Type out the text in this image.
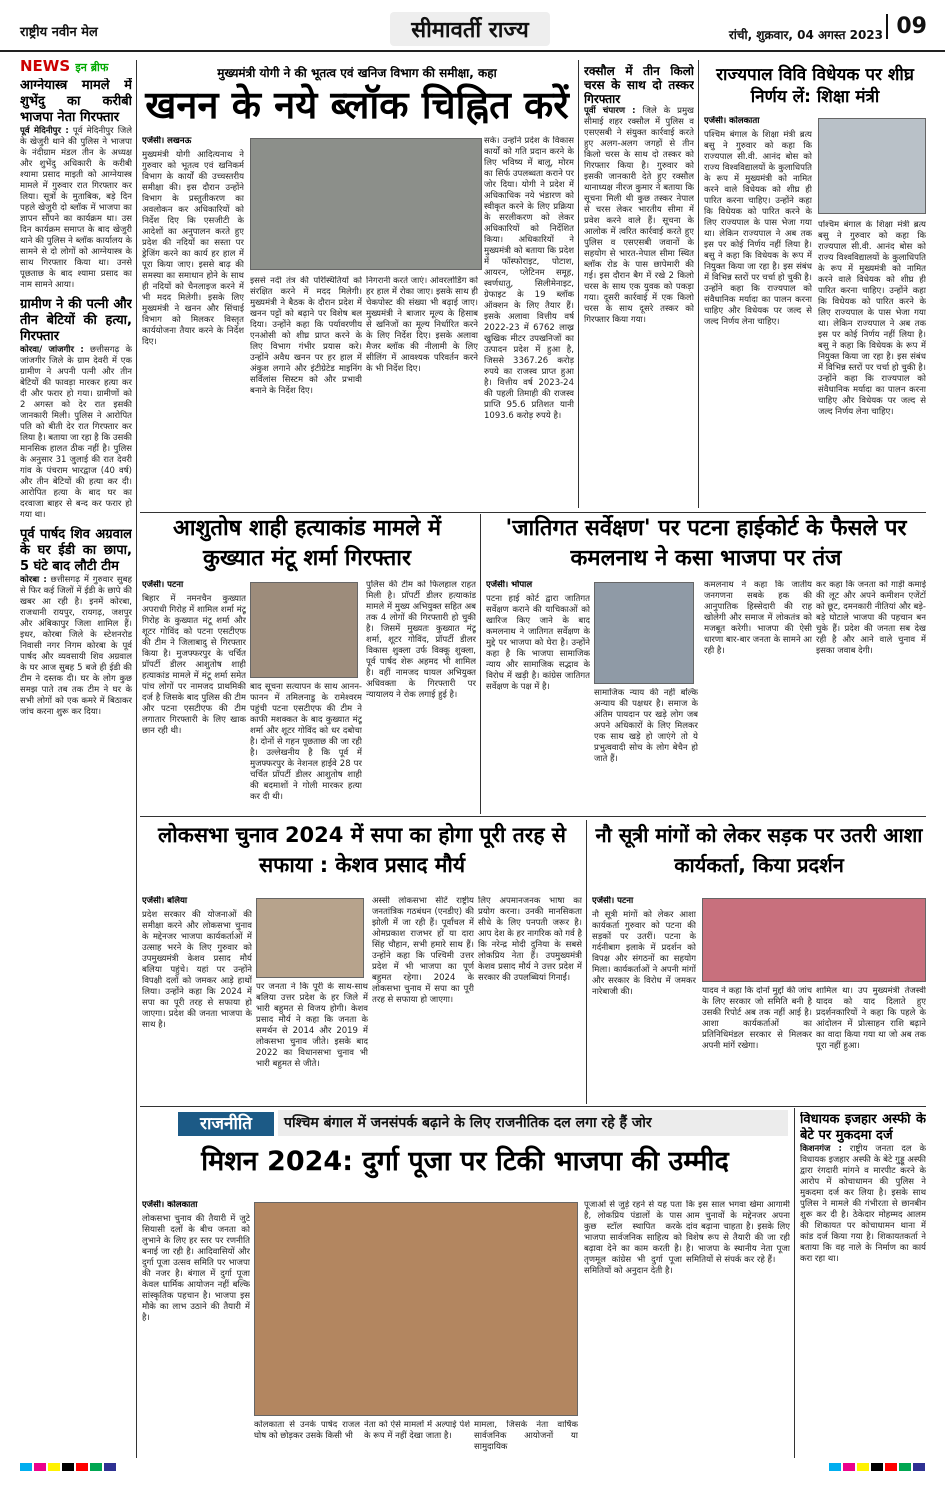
राष्ट्रीय नवीन मेल	सीमावर्ती राज्य	रांची, शुक्रवार, 04 अगस्त 2023 09
NEWS इन ब्रीफ
आग्नेयास्त्र मामले में शुभेंदु का करीबी भाजपा नेता गिरफ्तार

पूर्व मेदिनीपुर : पूर्व मेदिनीपुर जिले के खेजुरी थाने की पुलिस ने भाजपा के नंदीग्राम मंडल तीन के अध्यक्ष और शुभेंदु अधिकारी के करीबी श्यामा प्रसाद माइती को आग्नेयास्त्र मामले में गुरुवार रात गिरफ्तार कर लिया। सूत्रों के मुताबिक, बड़े दिन पहले खेजुरी दो ब्लॉक में भाजपा का ज्ञापन सौंपने का कार्यक्रम था। उस दिन कार्यक्रम समाप्त के बाद खेजुरी थाने की पुलिस ने ब्लॉक कार्यालय के सामने से दो लोगों को आग्नेयास्त्र के साथ गिरफ्तार किया था। उनसे पूछताछ के बाद श्यामा प्रसाद का नाम सामने आया।

ग्रामीण ने की पत्नी और तीन बेटियों की हत्या, गिरफ्तार

कोरवा/ जांजगीर : छत्तीसगढ़ के जांजगीर जिले के ग्राम देवरी में एक ग्रामीण ने अपनी पत्नी और तीन बेटियों की फावड़ा मारकर हत्या कर दी और फरार हो गया। ग्रामीणों को 2 अगस्त को देर रात इसकी जानकारी मिली। पुलिस ने आरोपित पति को बीती देर रात गिरफ्तार कर लिया है। बताया जा रहा है कि उसकी मानसिक हालत ठीक नहीं है। पुलिस के अनुसार 31 जुलाई की रात देवरी गांव के पंचराम भारद्वाज (40 वर्ष) और तीन बेटियों की हत्या कर दी। आरोपित हत्या के बाद घर का दरवाजा बाहर से बन्द कर फरार हो गया था।

पूर्व पार्षद शिव अग्रवाल के घर ईडी का छापा, 5 घंटे बाद लौटी टीम

कोरबा : छत्तीसगढ़ में गुरुवार सुबह से फिर कई जिलों में ईडी के छापे की खबर आ रही है। इनमें कोरबा, राजधानी रायपुर, रायगढ़, जशपुर और अंबिकापुर जिला शामिल हैं। इधर, कोरबा जिले के स्टेशनरोड निवासी नगर निगम कोरबा के पूर्व पार्षद और व्यवसायी शिव अग्रवाल के घर आज सुबह 5 बजे ही ईडी की टीम ने दस्तक दी। घर के लोग कुछ समझ पाते तब तक टीम ने घर के सभी लोगों को एक कमरे में बिठाकर जांच करना शुरू कर दिया।

मुख्यमंत्री योगी ने की भूतत्व एवं खनिज विभाग की समीक्षा, कहा
खनन के नये ब्लॉक चिह्नित करें

एजेंसी। लखनऊ

मुख्यमंत्री योगी आदित्यनाथ ने गुरुवार को भूतत्व एवं खनिकर्म विभाग के कार्यों की उच्चस्तरीय समीक्षा की। इस दौरान उन्होंने विभाग के प्रस्तुतीकरण का अवलोकन कर अधिकारियों को निर्देश दिए कि एसजीटी के आदेशों का अनुपालन करते हुए प्रदेश की नदियों का सस्ता पर ड्रेजिंग करने का कार्य हर हाल में पूरा किया जाए। इससे बाढ़ की समस्या का समाधान होने के साथ ही नदियों को चैनलाइज करने में भी मदद मिलेगी। इसके लिए मुख्यमंत्री ने खनन और सिंचाई विभाग को मिलकर विस्तृत कार्ययोजना तैयार करने के निर्देश दिए।

इससे नदी तंत्र की परिस्थितियों को संरक्षित करने में मदद मिलेगी। मुख्यमंत्री ने बैठक के दौरान प्रदेश में खनन पट्टों को बढ़ाने पर विशेष बल दिया। उन्होंने कहा कि पर्यावरणीय एनओसी को शीघ्र प्राप्त करने के लिए विभाग गंभीर प्रयास करे। उन्होंने अवैध खनन पर हर हाल में अंकुश लगाने और इंटीग्रेटेड माइनिंग सर्विलांस सिस्टम को और प्रभावी बनाने के निर्देश दिए।

निगरानी करते जाएं। ओवरलोडिंग को हर हाल में रोका जाए। इसके साथ ही चेकपोस्ट की संख्या भी बढ़ाई जाए। मुख्यमंत्री ने बाजार मूल्य के हिसाब से खनिजों का मूल्य निर्धारित करने के लिए निर्देश दिए। इसके अलावा मैजर ब्लॉक की नीलामी के लिए सीलिंग में आवश्यक परिवर्तन करने के भी निर्देश दिए।

सके। उन्होंने प्रदेश के विकास कार्यों को गति प्रदान करने के लिए भविष्य में बालू, मोरम का सिर्फ उपलब्धता कराने पर जोर दिया। योगी ने प्रदेश में अधिकाधिक नये भंडारण को स्वीकृत करने के लिए प्रक्रिया के सरलीकरण को लेकर अधिकारियों को निर्देशित किया। अधिकारियों ने मुख्यमंत्री को बताया कि प्रदेश में फॉस्फोराइट, पोटाश, आयरन, प्लेटिनम समूह, स्वर्णधातु, सिलीमेनाइट, ग्रेफाइट के 19 ब्लॉक ऑक्शन के लिए तैयार हैं। इसके अलावा वित्तीय वर्ष 2022-23 में 6762 लाख्र खुखिक मीटर उपखनिजों का उत्पादन प्रदेश में हुआ है, जिससे 3367.26 करोड़ रुपये का राजस्व प्राप्त हुआ है। वित्तीय वर्ष 2023-24 की पहली तिमाही की राजस्व प्राप्ति 95.6 प्रतिशत यानी 1093.6 करोड़ रुपये है।

रक्सौल में तीन किलो चरस के साथ दो तस्कर गिरफ्तार

पूर्वी चंपारण : जिले के प्रमुख सीमाई शहर रक्सौल में पुलिस व एसएसबी ने संयुक्त कार्रवाई करते हुए अलग-अलग जगहों से तीन किलो चरस के साथ दो तस्कर को गिरफ्तार किया है। गुरुवार को इसकी जानकारी देते हुए रक्सौल थानाध्यक्ष नीरज कुमार ने बताया कि सूचना मिली थी कुछ तस्कर नेपाल से चरस लेकर भारतीय सीमा में प्रवेश करने वाले हैं। सूचना के आलोक में त्वरित कार्रवाई करते हुए पुलिस व एसएसबी जवानों के सहयोग से भारत-नेपाल सीमा स्थित ब्लॉक रोड के पास छापेमारी की गई। इस दौरान बैग में रखे 2 किलो चरस के साथ एक युवक को पकड़ा गया। दूसरी कार्रवाई में एक किलो चरस के साथ दूसरे तस्कर को गिरफ्तार किया गया।

राज्यपाल विवि विधेयक पर शीघ्र निर्णय लें: शिक्षा मंत्री

एजेंसी। कोलकाता

पश्चिम बंगाल के शिक्षा मंत्री ब्रत्य बसु ने गुरुवार को कहा कि राज्यपाल सी.वी. आनंद बोस को राज्य विश्वविद्यालयों के कुलाधिपति के रूप में मुख्यमंत्री को नामित करने वाले विधेयक को शीघ्र ही पारित करना चाहिए। उन्होंने कहा कि विधेयक को पारित करने के लिए राज्यपाल के पास भेजा गया था। लेकिन राज्यपाल ने अब तक इस पर कोई निर्णय नहीं लिया है। बसु ने कहा कि विधेयक के रूप में नियुक्त किया जा रहा है। इस संबंध में विभिन्न स्तरों पर चर्चा हो चुकी है। उन्होंने कहा कि राज्यपाल को संवैधानिक मर्यादा का पालन करना चाहिए और विधेयक पर जल्द से जल्द निर्णय लेना चाहिए।

पश्चिम बंगाल के शिक्षा मंत्री ब्रत्य बसु ने गुरुवार को कहा कि राज्यपाल सी.वी. आनंद बोस को राज्य विश्वविद्यालयों के कुलाधिपति के रूप में मुख्यमंत्री को नामित करने वाले विधेयक को शीघ्र ही पारित करना चाहिए। उन्होंने कहा कि विधेयक को पारित करने के लिए राज्यपाल के पास भेजा गया था। लेकिन राज्यपाल ने अब तक इस पर कोई निर्णय नहीं लिया है। बसु ने कहा कि विधेयक के रूप में नियुक्त किया जा रहा है। इस संबंध में विभिन्न स्तरों पर चर्चा हो चुकी है। उन्होंने कहा कि राज्यपाल को संवैधानिक मर्यादा का पालन करना चाहिए और विधेयक पर जल्द से जल्द निर्णय लेना चाहिए।

आशुतोष शाही हत्याकांड मामले में कुख्यात मंटू शर्मा गिरफ्तार

एजेंसी। पटना

बिहार में नमनचैन कुख्यात अपराधी गिरोह में शामिल शर्मा मंटू गिरोह के कुख्यात मंटू शर्मा और शूटर गोविंद को पटना एसटीएफ की टीम ने जिलाबादु से गिरफ्तार किया है। मुजफ्फरपुर के चर्चित प्रॉपर्टी डीलर आशुतोष शाही हत्याकांड मामले में मंटू शर्मा समेत पांच लोगों पर नामजद प्राथमिकी दर्ज है जिसके बाद पुलिस की टीम और पटना एसटीएफ की टीम लगातार गिरफ्तारी के लिए खाक छान रही थी।

बाद सूचना सत्यापन के साथ आनन-फानन में तमिलनाडु के रामेश्वरम पहुंची पटना एसटीएफ की टीम ने काफी मशक्कत के बाद कुख्यात मंटू शर्मा और शूटर गोविंद को धर दबोचा है। दोनों से गहन पूछताछ की जा रही है। उल्लेखनीय है कि पूर्व में मुजफ्फरपुर के नेशनल हाईवे 28 पर चर्चित प्रॉपर्टी डीलर आशुतोष शाही की बदमाशों ने गोली मारकर हत्या कर दी थी।

पुलिस की टीम को फिलहाल राहत मिली है। प्रॉपर्टी डीलर हत्याकांड मामले में मुख्य अभियुक्त सहित अब तक 4 लोगों की गिरफ्तारी हो चुकी है। जिसमें मुख्यतः कुख्यात मंटू शर्मा, शूटर गोविंद, प्रॉपर्टी डीलर विकास शुक्ला उर्फ विक्कू शुक्ला, पूर्व पार्षद शेरू अहमद भी शामिल है। वहीं नामजद घायल अभियुक्त अधिवक्ता के गिरफ्तारी पर न्यायालय ने रोक लगाई हुई है।

'जातिगत सर्वेक्षण' पर पटना हाईकोर्ट के फैसले पर कमलनाथ ने कसा भाजपा पर तंज

एजेंसी। भोपाल

पटना हाई कोर्ट द्वारा जातिगत सर्वेक्षण कराने की याचिकाओं को खारिज किए जाने के बाद कमलनाथ ने जातिगत सर्वेक्षण के मुद्दे पर भाजपा को घेरा है। उन्होंने कहा है कि भाजपा सामाजिक न्याय और सामाजिक सद्भाव के विरोध में खड़ी है। कांग्रेस जातिगत सर्वेक्षण के पक्ष में है।

सामाजिक न्याय की नहीं बल्कि अन्याय की पक्षधर है। समाज के अंतिम पायदान पर खड़े लोग जब अपने अधिकारों के लिए मिलकर एक साथ खड़े हो जाएंगे तो ये प्रभुत्ववादी सोच के लोग बेचैन हो जाते हैं।

कमलनाथ ने कहा कि जातीय जनगणना सबके हक की आनुपातिक हिस्सेदारी की राह खोलेगी और समाज में लोकतंत्र को मजबूत करेगी। भाजपा की ऐसी धारणा बार-बार जनता के सामने आ रही है।

कर कहा कि जनता को गाड़ी कमाई की लूट और अपने कमीशन एजेंटों को छूट, दमनकारी नीतियां और बड़े-बड़े घोटाले भाजपा की पहचान बन चुके हैं। प्रदेश की जनता सब देख रही है और आने वाले चुनाव में इसका जवाब देगी।

लोकसभा चुनाव 2024 में सपा का होगा पूरी तरह से सफाया : केशव प्रसाद मौर्य

एजेंसी। बलिया

प्रदेश सरकार की योजनाओं की समीक्षा करने और लोकसभा चुनाव के मद्देनजर भाजपा कार्यकर्ताओं में उत्साह भरने के लिए गुरुवार को उपमुख्यमंत्री केशव प्रसाद मौर्य बलिया पहुंचे। यहां पर उन्होंने विपक्षी दलों को जमकर आड़े हाथों लिया। उन्होंने कहा कि 2024 में सपा का पूरी तरह से सफाया हो जाएगा। प्रदेश की जनता भाजपा के साथ है।

पर जनता ने कि पूरी के साथ-साथ बलिया उत्तर प्रदेश के हर जिले में भारी बहुमत से विजय होगी। केशव प्रसाद मौर्य ने कहा कि जनता के समर्थन से 2014 और 2019 में लोकसभा चुनाव जीते। इसके बाद 2022 का विधानसभा चुनाव भी भारी बहुमत से जीते।

अस्सी लोकसभा सीटें राष्ट्रीय जनतांत्रिक गठबंधन (एनडीए) की झोली में जा रही हैं। पूर्वांचल में ओमप्रकाश राजभर हों या दारा सिंह चौहान, सभी हमारे साथ हैं। उन्होंने कहा कि पश्चिमी उत्तर प्रदेश में भी भाजपा का पूर्ण बहुमत रहेगा। 2024 के लोकसभा चुनाव में सपा का पूरी तरह से सफाया हो जाएगा।

लिए अपमानजनक भाषा का प्रयोग करना। उनकी मानसिकता सीधे के लिए पनपती जरूर है। आप देश के हर नागरिक को गर्व है कि नरेन्द्र मोदी दुनिया के सबसे लोकप्रिय नेता हैं। उपमुख्यमंत्री केशव प्रसाद मौर्य ने उत्तर प्रदेश में सरकार की उपलब्धियां गिनाईं।

नौ सूत्री मांगों को लेकर सड़क पर उतरी आशा कार्यकर्ता, किया प्रदर्शन

एजेंसी। पटना

नौ सूत्री मांगों को लेकर आशा कार्यकर्ता गुरुवार को पटना की सड़कों पर उतरीं। पटना के गर्दनीबाग इलाके में प्रदर्शन को विपक्ष और संगठनों का सहयोग मिला। कार्यकर्ताओं ने अपनी मांगों और सरकार के विरोध में जमकर नारेबाजी की।	यादव ने कहा कि दोनों मुद्दों की जांच के लिए सरकार जो समिति बनी है उसकी रिपोर्ट अब तक नहीं आई है। आशा कार्यकर्ताओं का प्रतिनिधिमंडल सरकार से मिलकर अपनी मांगें रखेगा।

शामिल था। उप मुख्यमंत्री तेजस्वी यादव को याद दिलाते हुए प्रदर्शनकारियों ने कहा कि पहले के आंदोलन में प्रोत्साहन राशि बढ़ाने का वादा किया गया था जो अब तक पूरा नहीं हुआ।

राजनीति	पश्चिम बंगाल में जनसंपर्क बढ़ाने के लिए राजनीतिक दल लगा रहे हैं जोर
मिशन 2024: दुर्गा पूजा पर टिकी भाजपा की उम्मीद

एजेंसी। कोलकाता

लोकसभा चुनाव की तैयारी में जुटे सियासी दलों के बीच जनता को लुभाने के लिए हर स्तर पर रणनीति बनाई जा रही है। आदिवासियों और दुर्गा पूजा उत्सव समिति पर भाजपा की नजर है। बंगाल में दुर्गा पूजा केवल धार्मिक आयोजन नहीं बल्कि सांस्कृतिक पहचान है। भाजपा इस मौके का लाभ उठाने की तैयारी में है।

कोलकाता से उनके पार्षद राजल घोष को छोड़कर उसके किसी भी

नेता को ऐसे मामलों में अल्पाई पेशे के रूप में नहीं देखा जाता है।

मामला, जिसके नेता वार्षिक सार्वजनिक आयोजनों या सामुदायिक

पूजाओं से जुड़े रहने से यह पता है, लोकप्रिय पंडालों के पास कुछ स्टॉल स्थापित करके भाजपा सार्वजनिक साहित्य को बढ़ावा देने का काम करती है। तृणमूल कांग्रेस भी दुर्गा पूजा समितियों को अनुदान देती है।

कि इस साल भगवा खेमा आगामी आम चुनावों के मद्देनजर अपना दांव बढ़ाना चाहता है। इसके लिए विशेष रूप से तैयारी की जा रही है। भाजपा के स्थानीय नेता पूजा समितियों से संपर्क कर रहे हैं।

विधायक इजहार अस्फी के बेटे पर मुकदमा दर्ज

किशनगंज : राष्ट्रीय जनता दल के विधायक इजहार अस्फी के बेटे गुड्डू अस्फी द्वारा रंगदारी मांगने व मारपीट करने के आरोप में कोचाधामन की पुलिस ने मुकदमा दर्ज कर लिया है। इसके साथ पुलिस ने मामले की गंभीरता से छानबीन शुरू कर दी है। ठेकेदार मोहम्मद आलम की शिकायत पर कोचाधामन थाना में कांड दर्ज किया गया है। शिकायतकर्ता ने बताया कि वह नाले के निर्माण का कार्य करा रहा था।
